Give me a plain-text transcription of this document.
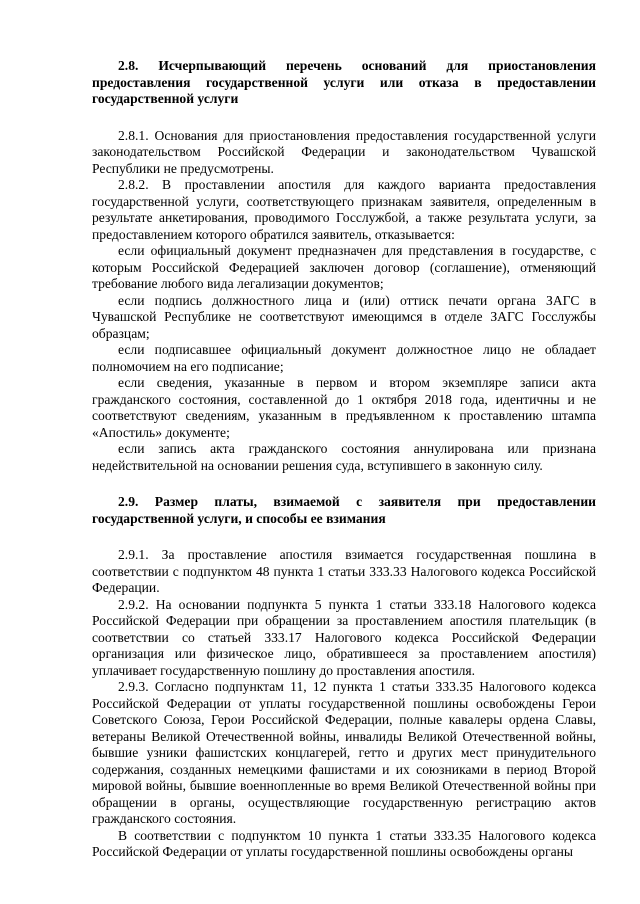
2.8. Исчерпывающий перечень оснований для приостановления предоставления государственной услуги или отказа в предоставлении государственной услуги

2.8.1. Основания для приостановления предоставления государственной услуги законодательством Российской Федерации и законодательством Чувашской Республики не предусмотрены.

2.8.2. В проставлении апостиля для каждого варианта предоставления государственной услуги, соответствующего признакам заявителя, определенным в результате анкетирования, проводимого Госслужбой, а также результата услуги, за предоставлением которого обратился заявитель, отказывается:

если официальный документ предназначен для представления в государстве, с которым Российской Федерацией заключен договор (соглашение), отменяющий требование любого вида легализации документов;

если подпись должностного лица и (или) оттиск печати органа ЗАГС в Чувашской Республике не соответствуют имеющимся в отделе ЗАГС Госслужбы образцам;

если подписавшее официальный документ должностное лицо не обладает полномочием на его подписание;

если сведения, указанные в первом и втором экземпляре записи акта гражданского состояния, составленной до 1 октября 2018 года, идентичны и не соответствуют сведениям, указанным в предъявленном к проставлению штампа «Апостиль» документе;

если запись акта гражданского состояния аннулирована или признана недействительной на основании решения суда, вступившего в законную силу.

2.9. Размер платы, взимаемой с заявителя при предоставлении государственной услуги, и способы ее взимания

2.9.1. За проставление апостиля взимается государственная пошлина в соответствии с подпунктом 48 пункта 1 статьи 333.33 Налогового кодекса Российской Федерации.

2.9.2. На основании подпункта 5 пункта 1 статьи 333.18 Налогового кодекса Российской Федерации при обращении за проставлением апостиля плательщик (в соответствии со статьей 333.17 Налогового кодекса Российской Федерации организация или физическое лицо, обратившееся за проставлением апостиля) уплачивает государственную пошлину до проставления апостиля.

2.9.3. Согласно подпунктам 11, 12 пункта 1 статьи 333.35 Налогового кодекса Российской Федерации от уплаты государственной пошлины освобождены Герои Советского Союза, Герои Российской Федерации, полные кавалеры ордена Славы, ветераны Великой Отечественной войны, инвалиды Великой Отечественной войны, бывшие узники фашистских концлагерей, гетто и других мест принудительного содержания, созданных немецкими фашистами и их союзниками в период Второй мировой войны, бывшие военнопленные во время Великой Отечественной войны при обращении в органы, осуществляющие государственную регистрацию актов гражданского состояния.

В соответствии с подпунктом 10 пункта 1 статьи 333.35 Налогового кодекса Российской Федерации от уплаты государственной пошлины освобождены органы
